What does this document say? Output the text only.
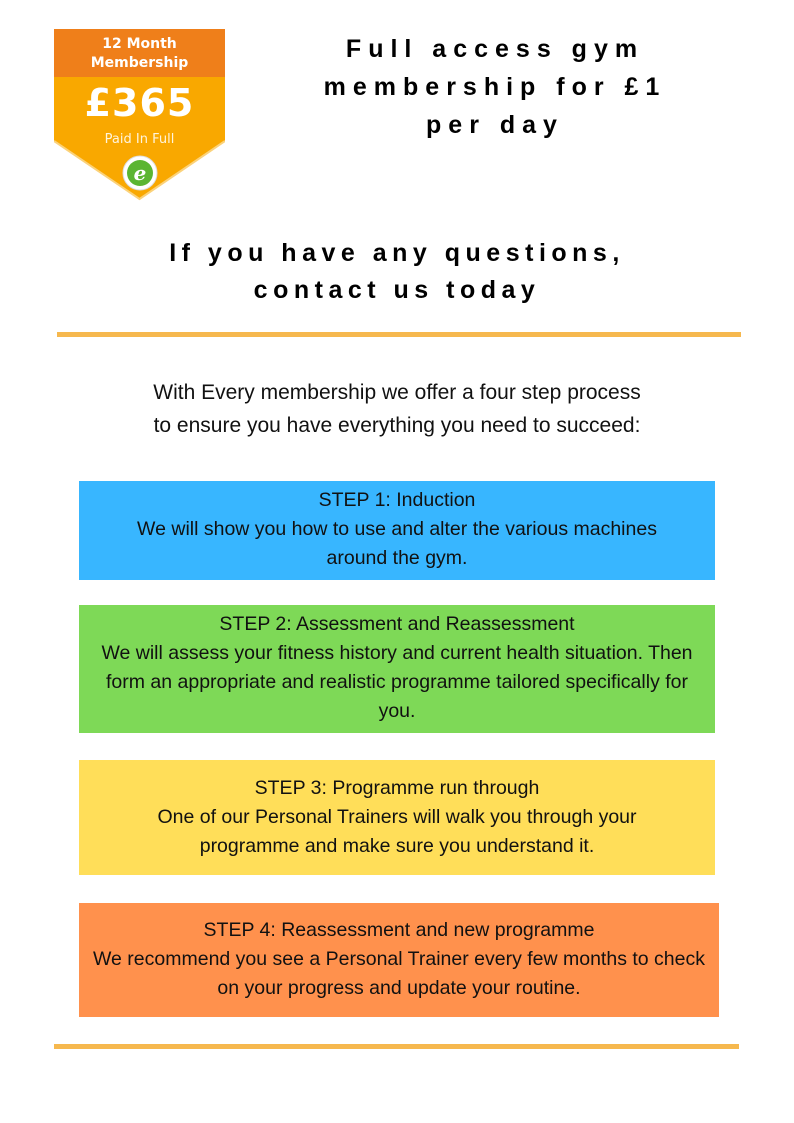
12 Month
Membership
£365
Paid In Full
e
Full access gym membership for £1 per day
If you have any questions,
contact us today
With Every membership we offer a four step process
to ensure you have everything you need to succeed:
STEP 1: Induction
We will show you how to use and alter the various machines around the gym.
STEP 2: Assessment and Reassessment
We will assess your fitness history and current health situation. Then form an appropriate and realistic programme tailored specifically for you.
STEP 3: Programme run through
One of our Personal Trainers will walk you through your programme and make sure you understand it.
STEP 4: Reassessment and new programme
We recommend you see a Personal Trainer every few months to check on your progress and update your routine.
